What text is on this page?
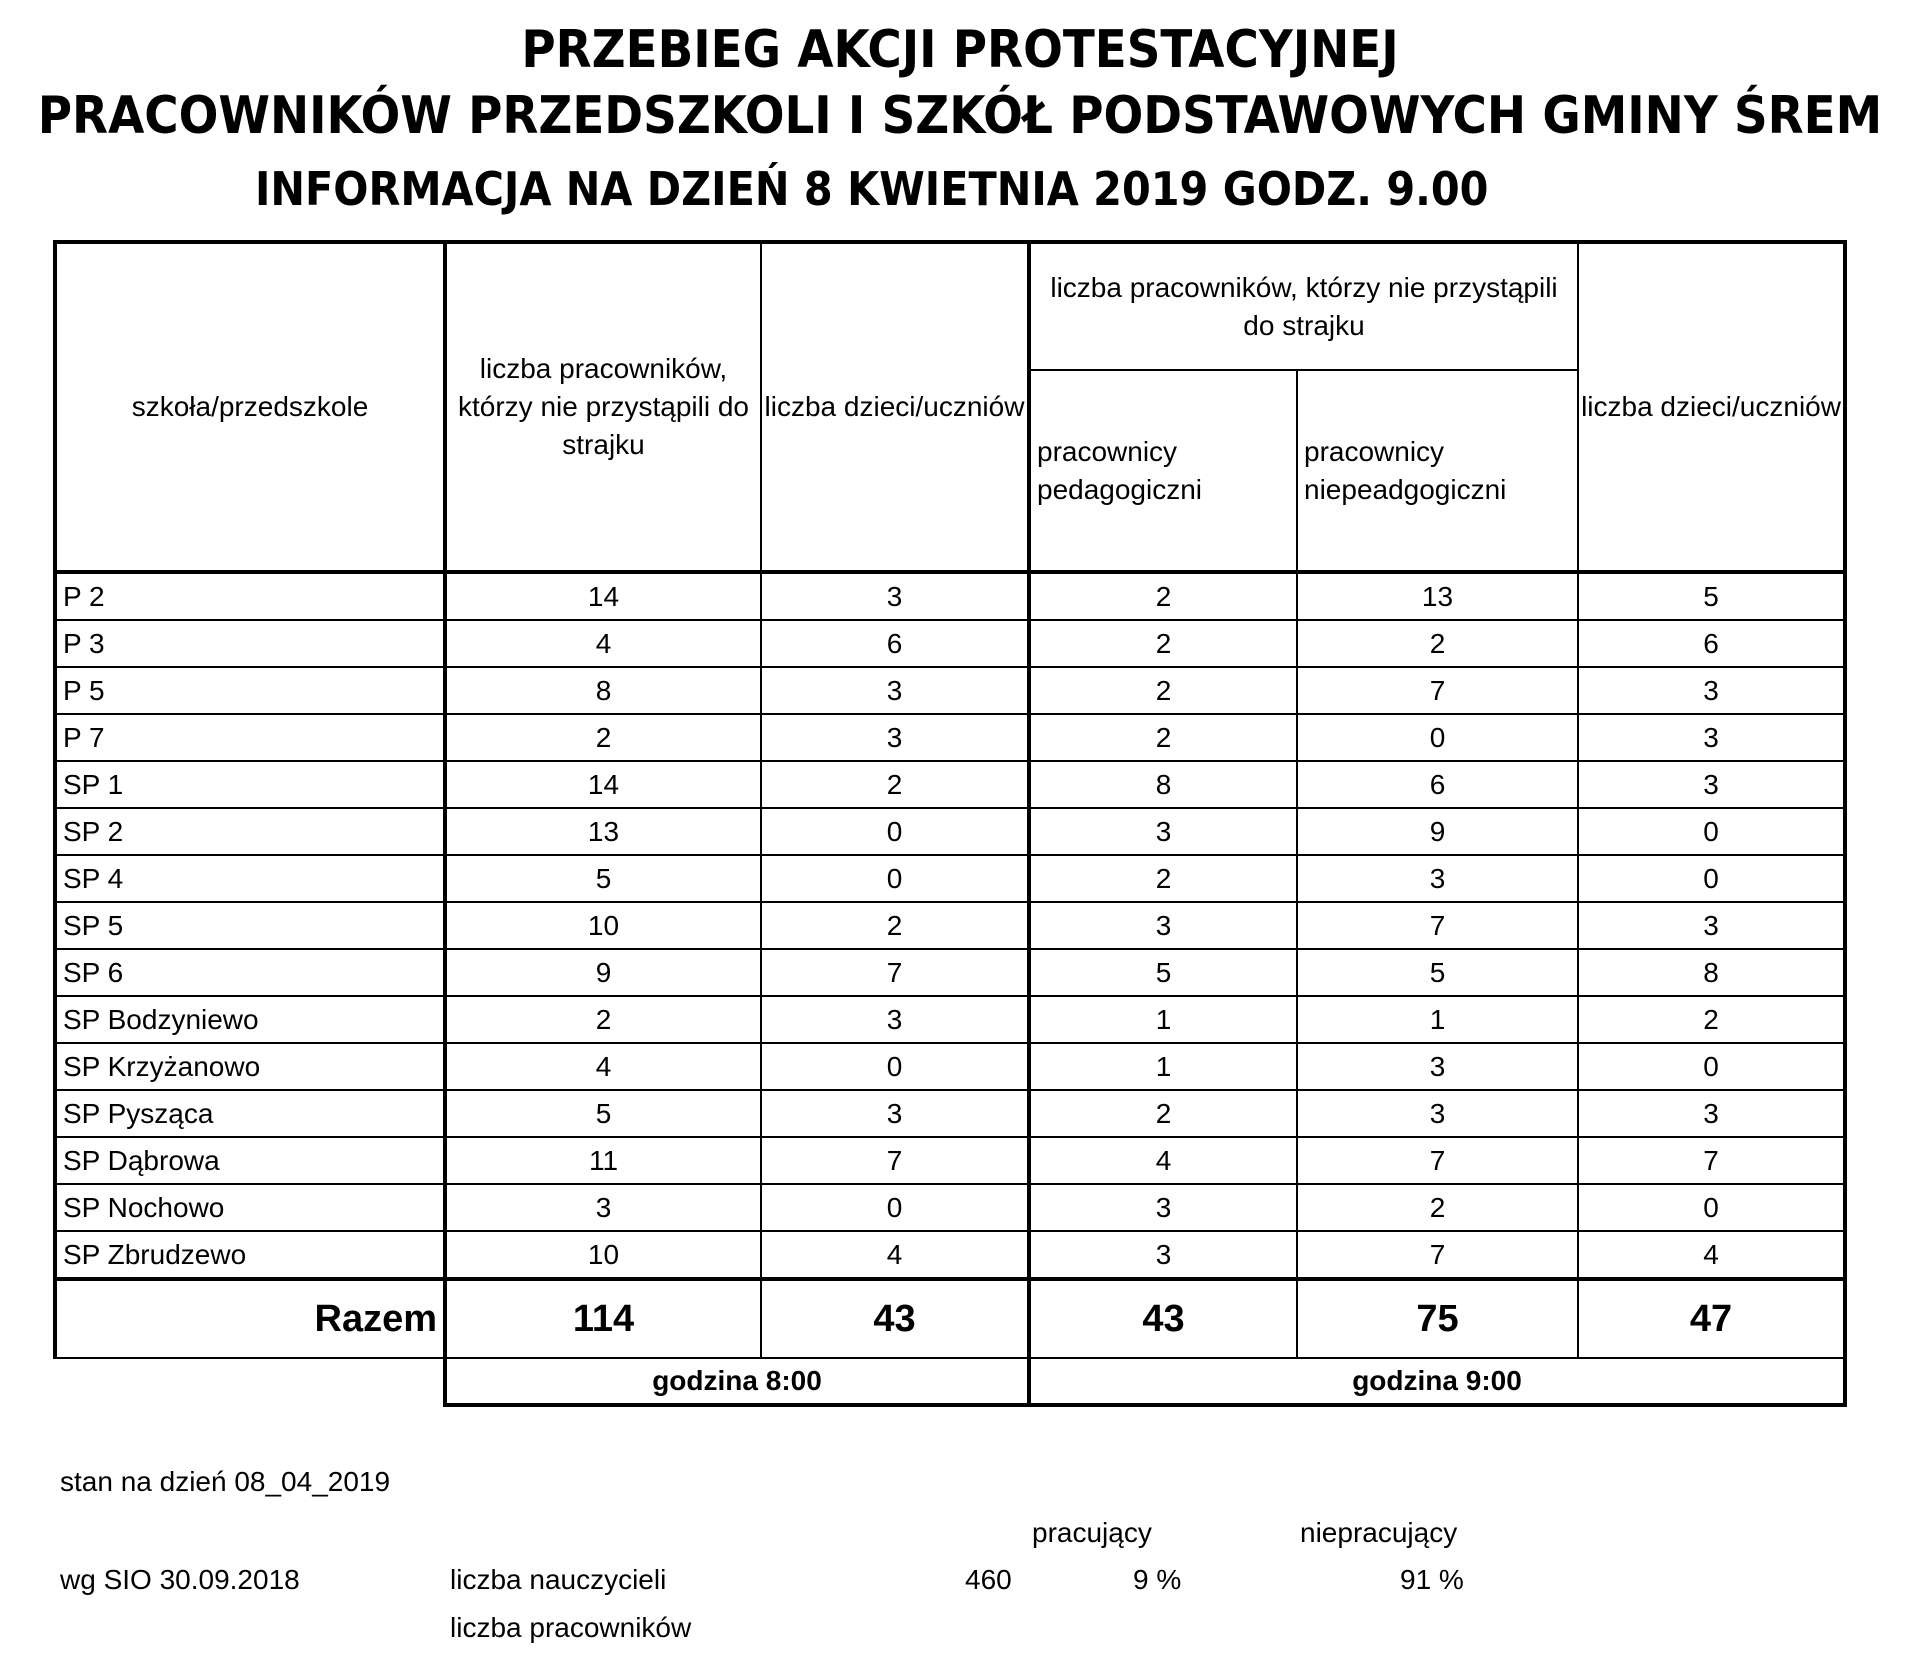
PRZEBIEG AKCJI PROTESTACYJNEJ
PRACOWNIKÓW PRZEDSZKOLI I SZKÓŁ PODSTAWOWYCH GMINY ŚREM
INFORMACJA NA DZIEŃ 8 KWIETNIA 2019 GODZ. 9.00
szkoła/przedszkole	liczba pracowników, którzy nie przystąpili do strajku	liczba dzieci/uczniów	liczba pracowników, którzy nie przystąpili do strajku		liczba dzieci/uczniów
			pracownicy pedagogiczni	pracownicy niepeadgogiczni	
P 2	14	3	2	13	5
P 3	4	6	2	2	6
P 5	8	3	2	7	3
P 7	2	3	2	0	3
SP 1	14	2	8	6	3
SP 2	13	0	3	9	0
SP 4	5	0	2	3	0
SP 5	10	2	3	7	3
SP 6	9	7	5	5	8
SP Bodzyniewo	2	3	1	1	2
SP Krzyżanowo	4	0	1	3	0
SP Pysząca	5	3	2	3	3
SP Dąbrowa	11	7	4	7	7
SP Nochowo	3	0	3	2	0
SP Zbrudzewo	10	4	3	7	4
Razem	114	43	43	75	47
	godzina 8:00		godzina 9:00		
stan na dzień 08_04_2019
pracujący	niepracujący
wg SIO 30.09.2018	liczba nauczycieli	460	9 %	91 %
liczba pracowników
